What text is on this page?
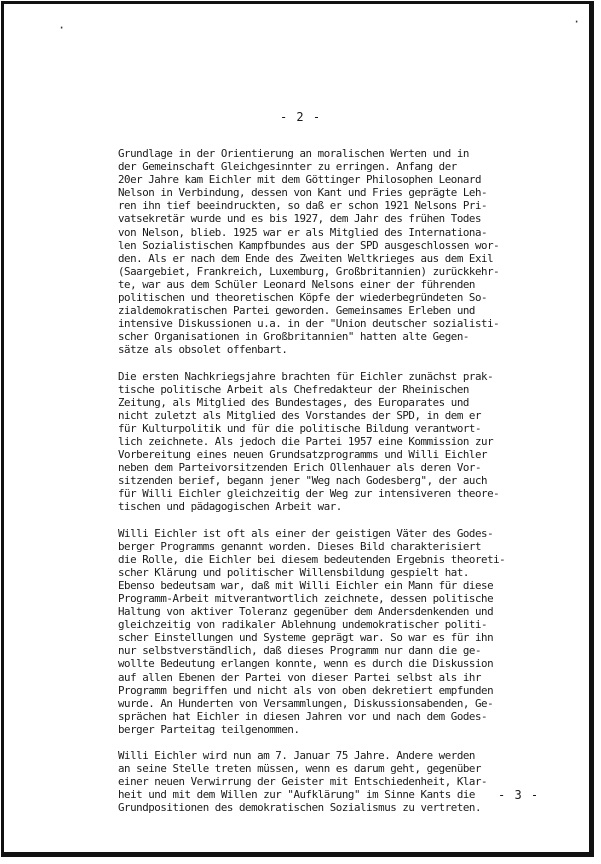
·	·
- 2 -
Grundlage in der Orientierung an moralischen Werten und in
der Gemeinschaft Gleichgesinnter zu erringen. Anfang der
20er Jahre kam Eichler mit dem Göttinger Philosophen Leonard
Nelson in Verbindung, dessen von Kant und Fries geprägte Leh-
ren ihn tief beeindruckten, so daß er schon 1921 Nelsons Pri-
vatsekretär wurde und es bis 1927, dem Jahr des frühen Todes
von Nelson, blieb. 1925 war er als Mitglied des Internationa-
len Sozialistischen Kampfbundes aus der SPD ausgeschlossen wor-
den. Als er nach dem Ende des Zweiten Weltkrieges aus dem Exil
(Saargebiet, Frankreich, Luxemburg, Großbritannien) zurückkehr-
te, war aus dem Schüler Leonard Nelsons einer der führenden
politischen und theoretischen Köpfe der wiederbegründeten So-
zialdemokratischen Partei geworden. Gemeinsames Erleben und
intensive Diskussionen u.a. in der "Union deutscher sozialisti-
scher Organisationen in Großbritannien" hatten alte Gegen-
sätze als obsolet offenbart.
Die ersten Nachkriegsjahre brachten für Eichler zunächst prak-
tische politische Arbeit als Chefredakteur der Rheinischen
Zeitung, als Mitglied des Bundestages, des Europarates und
nicht zuletzt als Mitglied des Vorstandes der SPD, in dem er
für Kulturpolitik und für die politische Bildung verantwort-
lich zeichnete. Als jedoch die Partei 1957 eine Kommission zur
Vorbereitung eines neuen Grundsatzprogramms und Willi Eichler
neben dem Parteivorsitzenden Erich Ollenhauer als deren Vor-
sitzenden berief, begann jener "Weg nach Godesberg", der auch
für Willi Eichler gleichzeitig der Weg zur intensiveren theore-
tischen und pädagogischen Arbeit war.
Willi Eichler ist oft als einer der geistigen Väter des Godes-
berger Programms genannt worden. Dieses Bild charakterisiert
die Rolle, die Eichler bei diesem bedeutenden Ergebnis theoreti-
scher Klärung und politischer Willensbildung gespielt hat.
Ebenso bedeutsam war, daß mit Willi Eichler ein Mann für diese
Programm-Arbeit mitverantwortlich zeichnete, dessen politische
Haltung von aktiver Toleranz gegenüber dem Andersdenkenden und
gleichzeitig von radikaler Ablehnung undemokratischer politi-
scher Einstellungen und Systeme geprägt war. So war es für ihn
nur selbstverständlich, daß dieses Programm nur dann die ge-
wollte Bedeutung erlangen konnte, wenn es durch die Diskussion
auf allen Ebenen der Partei von dieser Partei selbst als ihr
Programm begriffen und nicht als von oben dekretiert empfunden
wurde. An Hunderten von Versammlungen, Diskussionsabenden, Ge-
sprächen hat Eichler in diesen Jahren vor und nach dem Godes-
berger Parteitag teilgenommen.
Willi Eichler wird nun am 7. Januar 75 Jahre. Andere werden
an seine Stelle treten müssen, wenn es darum geht, gegenüber
einer neuen Verwirrung der Geister mit Entschiedenheit, Klar-
heit und mit dem Willen zur "Aufklärung" im Sinne Kants die
Grundpositionen des demokratischen Sozialismus zu vertreten.
- 3 -
